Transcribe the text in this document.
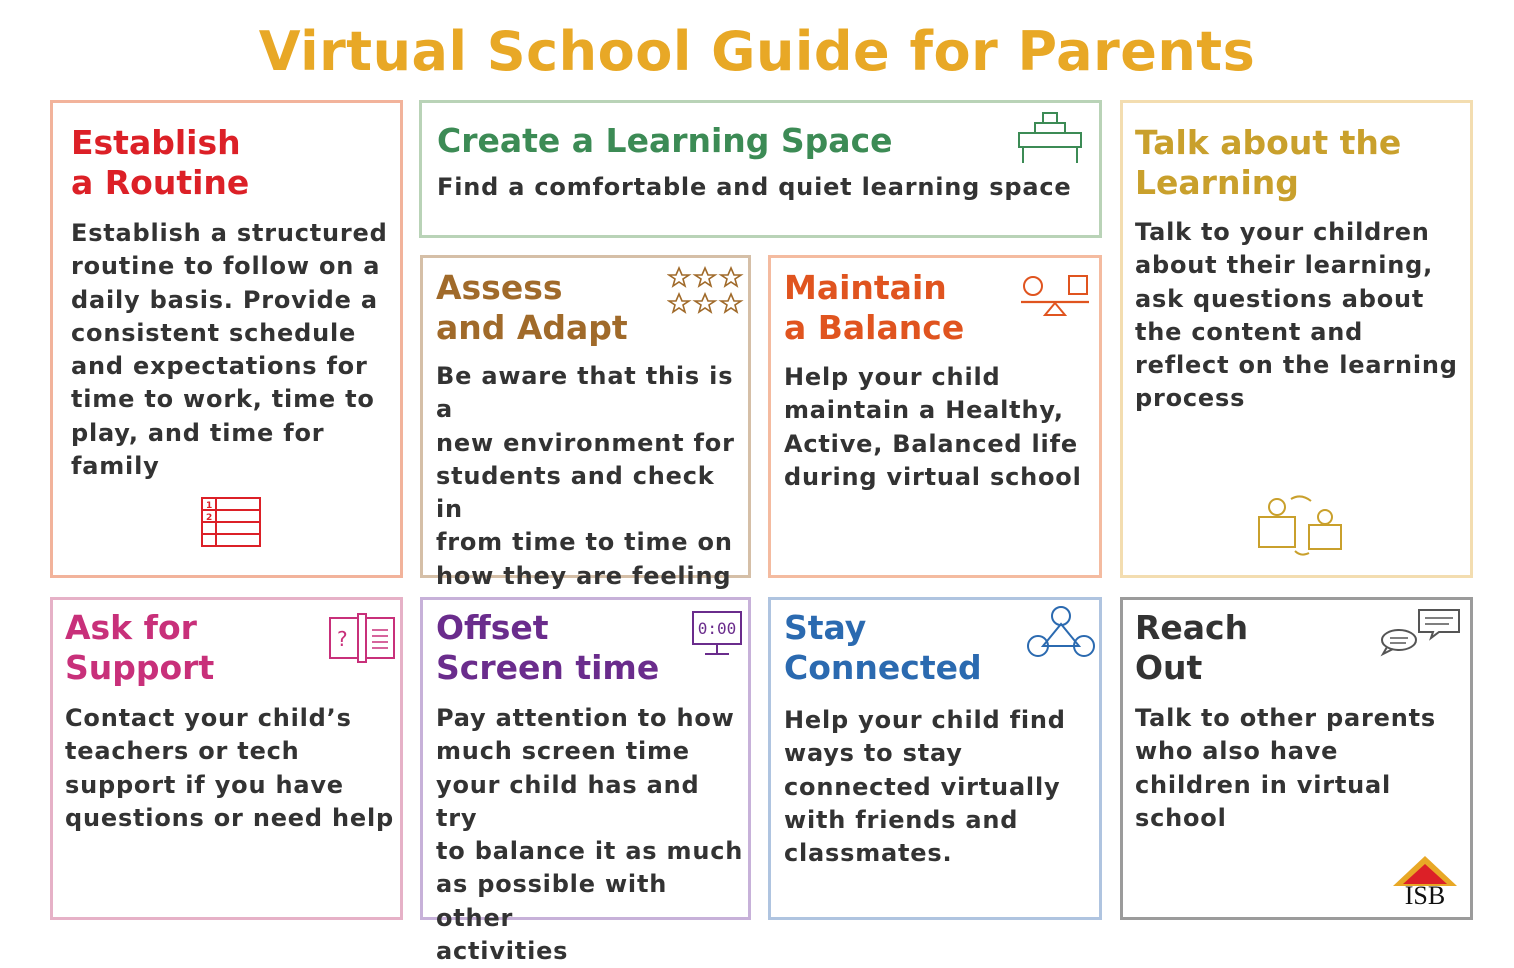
Virtual School Guide for Parents
Establish
a Routine

Establish a structured
routine to follow on a
daily basis. Provide a
consistent schedule
and expectations for
time to work, time to
play, and time for family

1
2
Create a Learning Space

Find a comfortable and quiet learning space

Talk about the
Learning

Talk to your children
about their learning,
ask questions about
the content and
reflect on the learning
process

Assess
and Adapt

Be aware that this is a
new environment for
students and check in
from time to time on
how they are feeling

Maintain
a Balance

Help your child
maintain a Healthy,
Active, Balanced life
during virtual school

Ask for
Support

Contact your child’s
teachers or tech
support if you have
questions or need help

?	Offset
Screen time

Pay attention to how
much screen time
your child has and try
to balance it as much
as possible with other
activities

0:00 Stay
Connected

Help your child find
ways to stay
connected virtually
with friends and
classmates.

Reach
Out

Talk to other parents
who also have
children in virtual
school

ISB
